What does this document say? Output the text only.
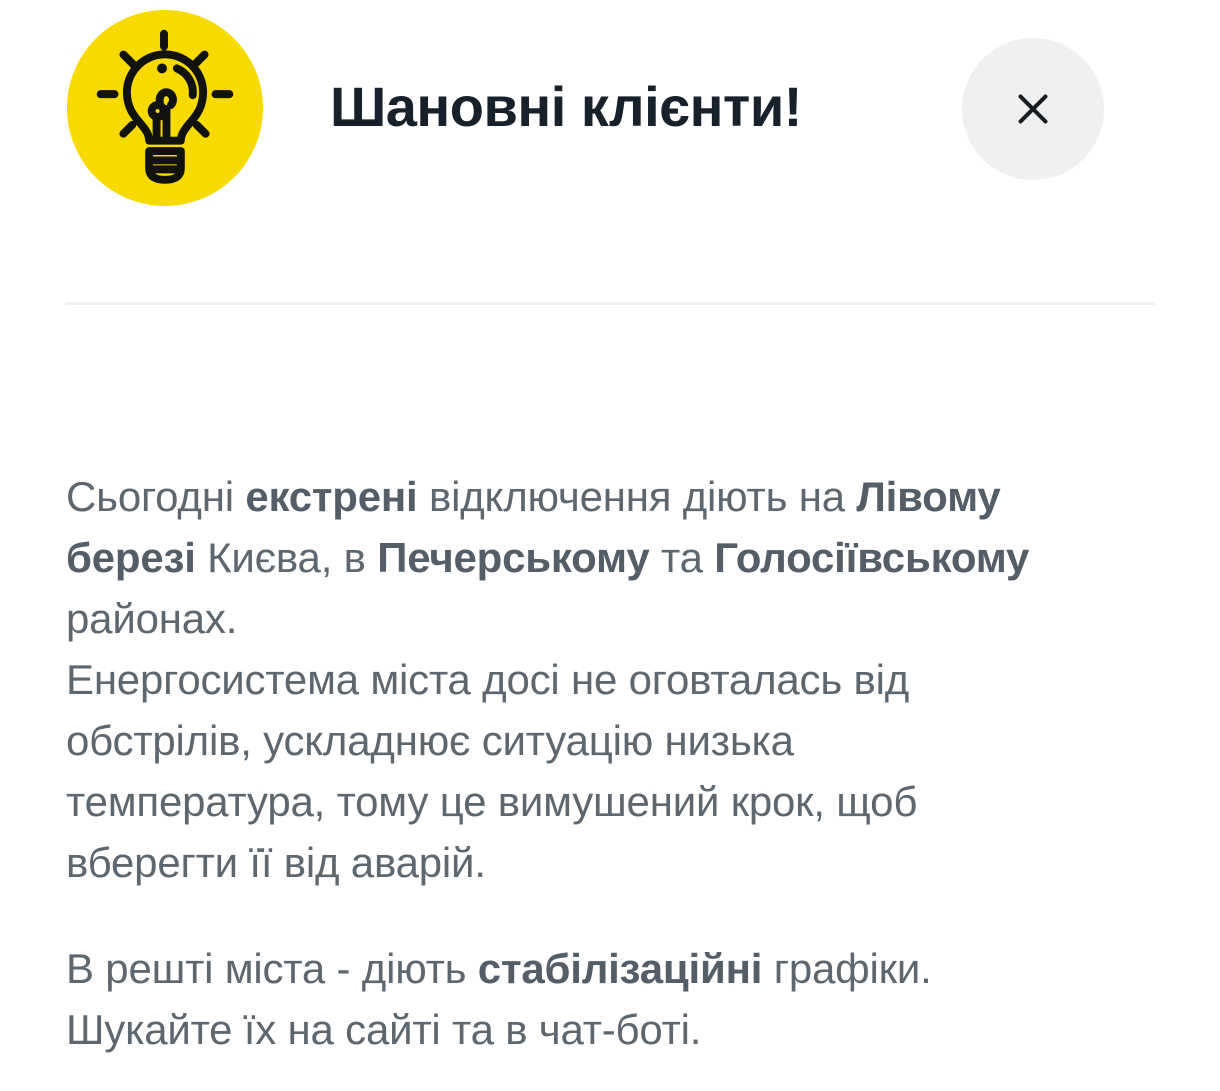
Шановні клієнти!

Сьогодні екстрені відключення діють на Лівому
березі Києва, в Печерському та Голосіївському
районах.
Енергосистема міста досі не оговталась від
обстрілів, ускладнює ситуацію низька
температура, тому це вимушений крок, щоб
вберегти її від аварій.

В решті міста - діють стабілізаційні графіки.
Шукайте їх на сайті та в чат-боті.
